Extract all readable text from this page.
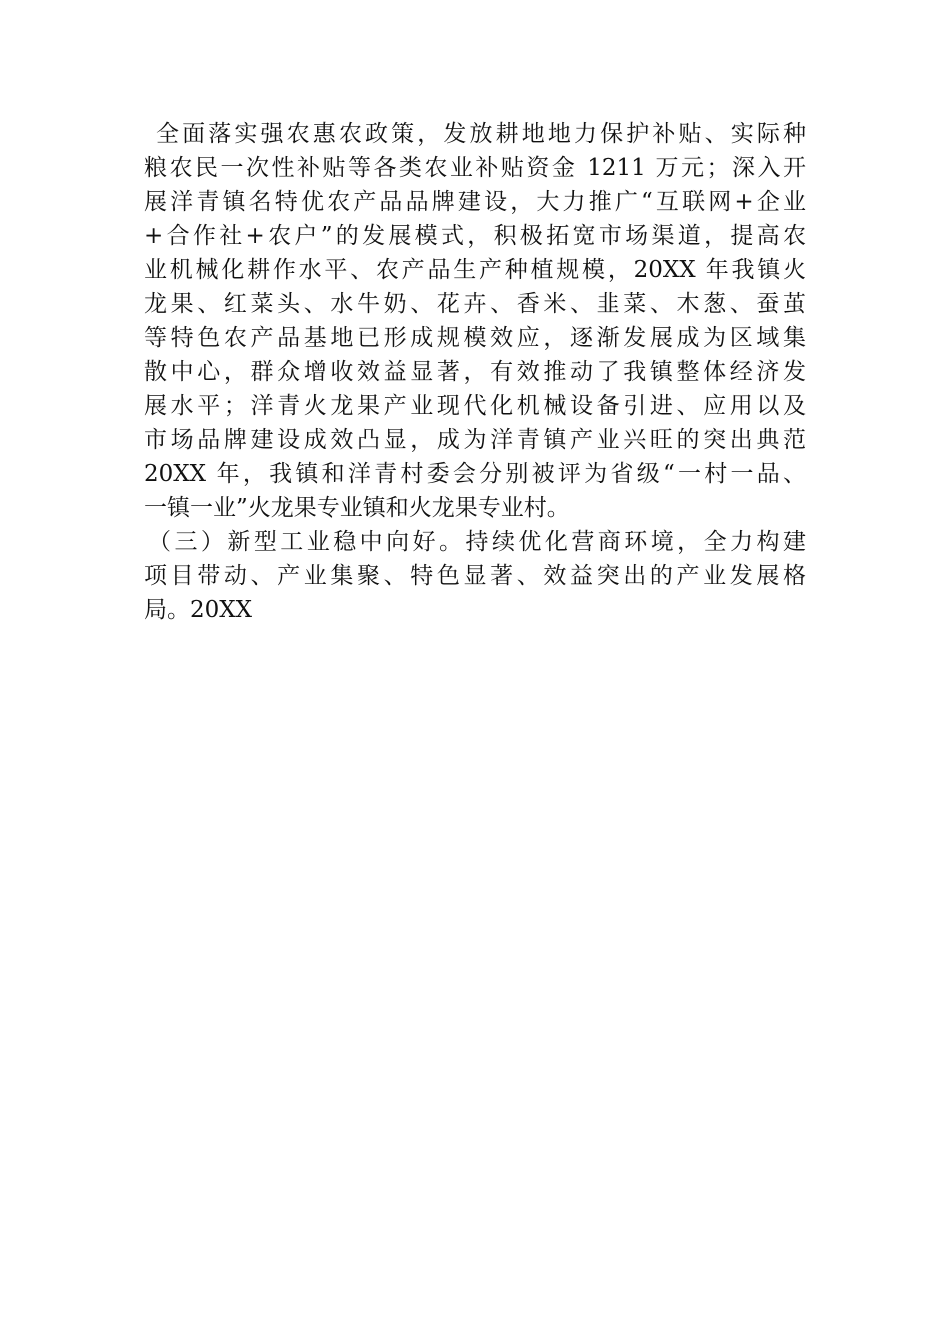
全面落实强农惠农政策，发放耕地地力保护补贴、实际种
粮农民一次性补贴等各类农业补贴资金 1211 万元；深入开
展洋青镇名特优农产品品牌建设，大力推广“互联网+企业
+合作社+农户”的发展模式，积极拓宽市场渠道，提高农
业机械化耕作水平、农产品生产种植规模，20XX 年我镇火
龙果、红菜头、水牛奶、花卉、香米、韭菜、木葱、蚕茧
等特色农产品基地已形成规模效应，逐渐发展成为区域集
散中心，群众增收效益显著，有效推动了我镇整体经济发
展水平；洋青火龙果产业现代化机械设备引进、应用以及
市场品牌建设成效凸显，成为洋青镇产业兴旺的突出典范
20XX 年，我镇和洋青村委会分别被评为省级“一村一品、
一镇一业”火龙果专业镇和火龙果专业村。
（三）新型工业稳中向好。持续优化营商环境，全力构建
项目带动、产业集聚、特色显著、效益突出的产业发展格
局。20XX
